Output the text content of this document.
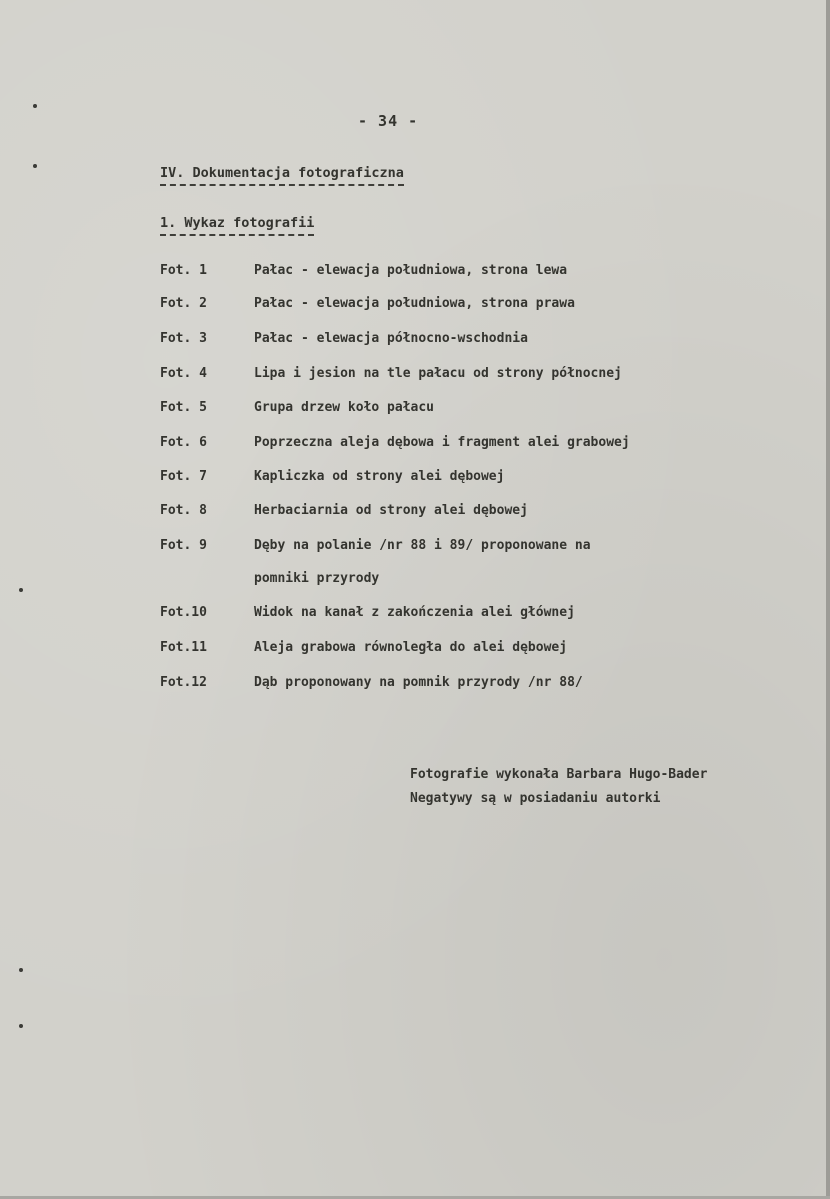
- 34 -
IV. Dokumentacja fotograficzna
1. Wykaz fotografii
Fot. 1	Pałac - elewacja południowa, strona lewa
Fot. 2	Pałac - elewacja południowa, strona prawa
Fot. 3	Pałac - elewacja północno-wschodnia
Fot. 4	Lipa i jesion na tle pałacu od strony północnej
Fot. 5	Grupa drzew koło pałacu
Fot. 6	Poprzeczna aleja dębowa i fragment alei grabowej
Fot. 7	Kapliczka od strony alei dębowej
Fot. 8	Herbaciarnia od strony alei dębowej
Fot. 9	Dęby na polanie /nr 88 i 89/ proponowane na
pomniki przyrody
Fot.10	Widok na kanał z zakończenia alei głównej
Fot.11	Aleja grabowa równoległa do alei dębowej
Fot.12	Dąb proponowany na pomnik przyrody /nr 88/
Fotografie wykonała Barbara Hugo-Bader
Negatywy są w posiadaniu autorki
